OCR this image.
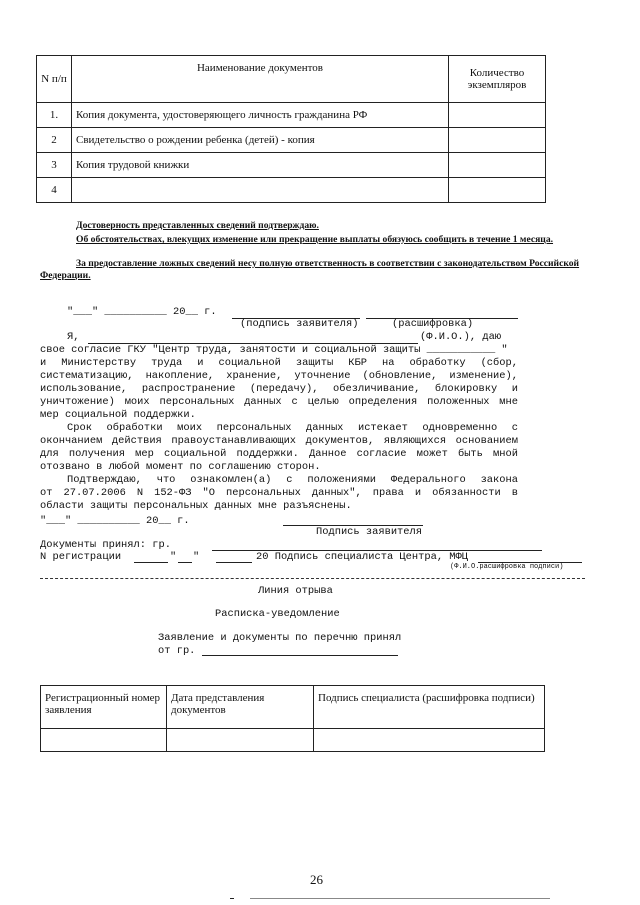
N п/п	Наименование документов	Количество экземпляров
1.	Копия документа, удостоверяющего личность гражданина РФ	
2	Свидетельство о рождении ребенка (детей) - копия	
3	Копия трудовой книжки	
4		
Достоверность представленных сведений подтверждаю.
Об обстоятельствах, влекущих изменение или прекращение выплаты обязуюсь сообщить в течение 1 месяца.
За предоставление ложных сведений несу полную ответственность в соответствии с законодательством Российской Федерации.
"___" __________ 20__ г.
(подпись заявителя)	(расшифровка)
Я,	(Ф.И.О.), даю
свое согласие ГКУ "Центр труда, занятости и социальной защиты ___________ "
и Министерству труда и социальной защиты КБР на обработку (сбор,
систематизацию, накопление, хранение, уточнение (обновление, изменение),
использование, распространение (передачу), обезличивание, блокировку и
уничтожение) моих персональных данных с целью определения положенных мне
мер социальной поддержки.
Срок обработки моих персональных данных истекает одновременно с
окончанием действия правоустанавливающих документов, являющихся основанием
для получения мер социальной поддержки. Данное согласие может быть мной
отозвано в любой момент по соглашению сторон.
Подтверждаю, что ознакомлен(а) с положениями Федерального закона
от 27.07.2006 N 152-ФЗ "О персональных данных", права и обязанности в
области защиты персональных данных мне разъяснены.
"___" __________ 20__ г.
Подпись заявителя
Документы принял: гр.
N регистрации	" "	20 Подпись специалиста Центра, МФЦ
(Ф.И.О.расшифровка подписи)
Линия отрыва
Расписка-уведомление
Заявление и документы по перечню принял
от гр.
Регистрационный номер заявления	Дата представления документов	Подпись специалиста (расшифровка подписи)

26
